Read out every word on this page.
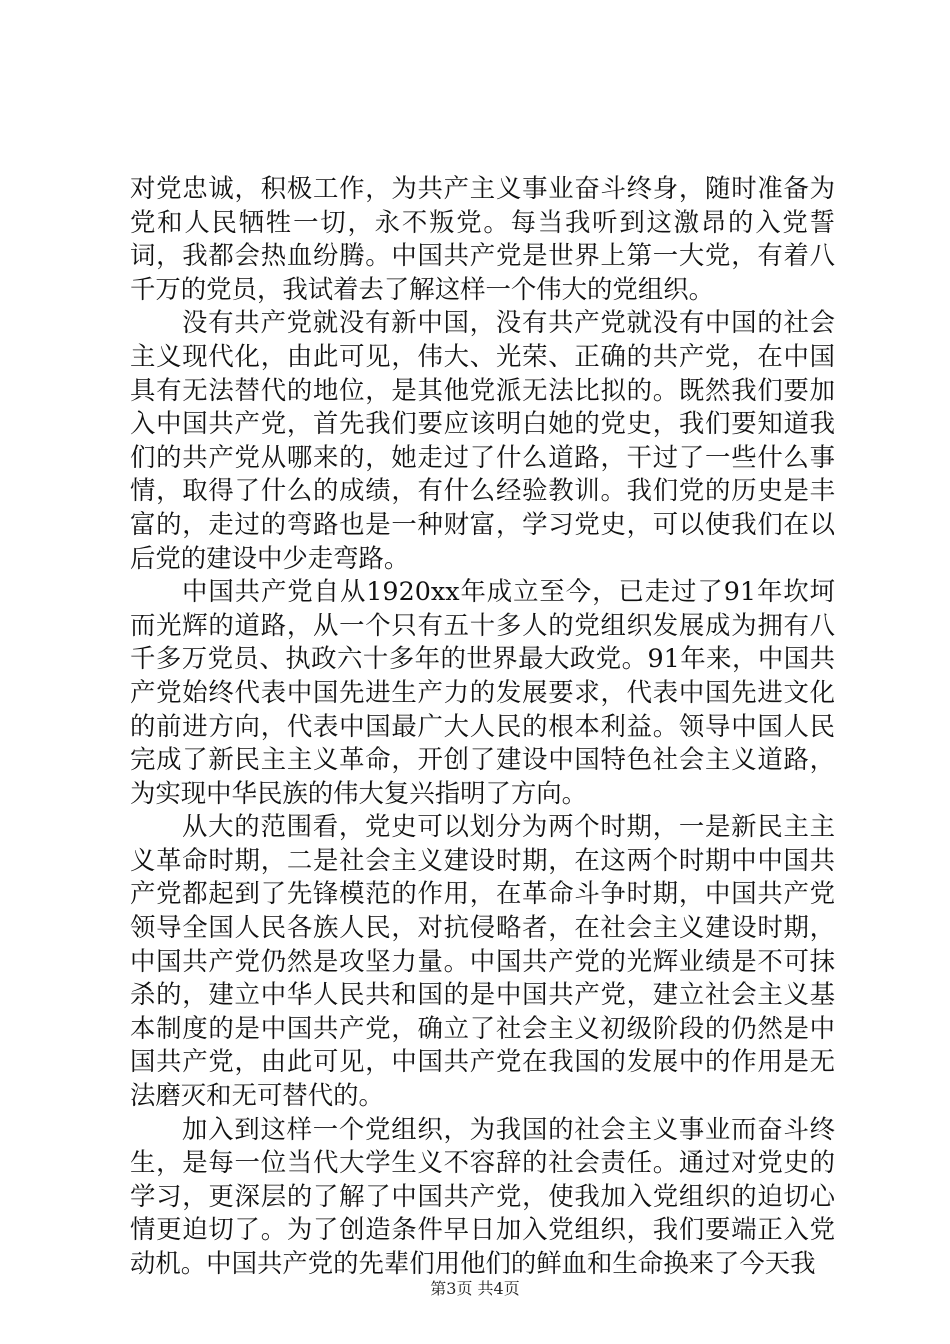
对党忠诚，积极工作，为共产主义事业奋斗终身，随时准备为党和人民牺牲一切，永不叛党。每当我听到这激昂的入党誓词，我都会热血纷腾。中国共产党是世界上第一大党，有着八千万的党员，我试着去了解这样一个伟大的党组织。

没有共产党就没有新中国，没有共产党就没有中国的社会主义现代化，由此可见，伟大、光荣、正确的共产党，在中国具有无法替代的地位，是其他党派无法比拟的。既然我们要加入中国共产党，首先我们要应该明白她的党史，我们要知道我们的共产党从哪来的，她走过了什么道路，干过了一些什么事情，取得了什么的成绩，有什么经验教训。我们党的历史是丰富的，走过的弯路也是一种财富，学习党史，可以使我们在以后党的建设中少走弯路。

中国共产党自从1920xx年成立至今，已走过了91年坎坷而光辉的道路，从一个只有五十多人的党组织发展成为拥有八千多万党员、执政六十多年的世界最大政党。91年来，中国共产党始终代表中国先进生产力的发展要求，代表中国先进文化的前进方向，代表中国最广大人民的根本利益。领导中国人民完成了新民主主义革命，开创了建设中国特色社会主义道路，为实现中华民族的伟大复兴指明了方向。

从大的范围看，党史可以划分为两个时期，一是新民主主义革命时期，二是社会主义建设时期，在这两个时期中中国共产党都起到了先锋模范的作用，在革命斗争时期，中国共产党领导全国人民各族人民，对抗侵略者，在社会主义建设时期，中国共产党仍然是攻坚力量。中国共产党的光辉业绩是不可抹杀的，建立中华人民共和国的是中国共产党，建立社会主义基本制度的是中国共产党，确立了社会主义初级阶段的仍然是中国共产党，由此可见，中国共产党在我国的发展中的作用是无法磨灭和无可替代的。

加入到这样一个党组织，为我国的社会主义事业而奋斗终生，是每一位当代大学生义不容辞的社会责任。通过对党史的学习，更深层的了解了中国共产党，使我加入党组织的迫切心情更迫切了。为了创造条件早日加入党组织，我们要端正入党动机。中国共产党的先辈们用他们的鲜血和生命换来了今天我

第3页 共4页
